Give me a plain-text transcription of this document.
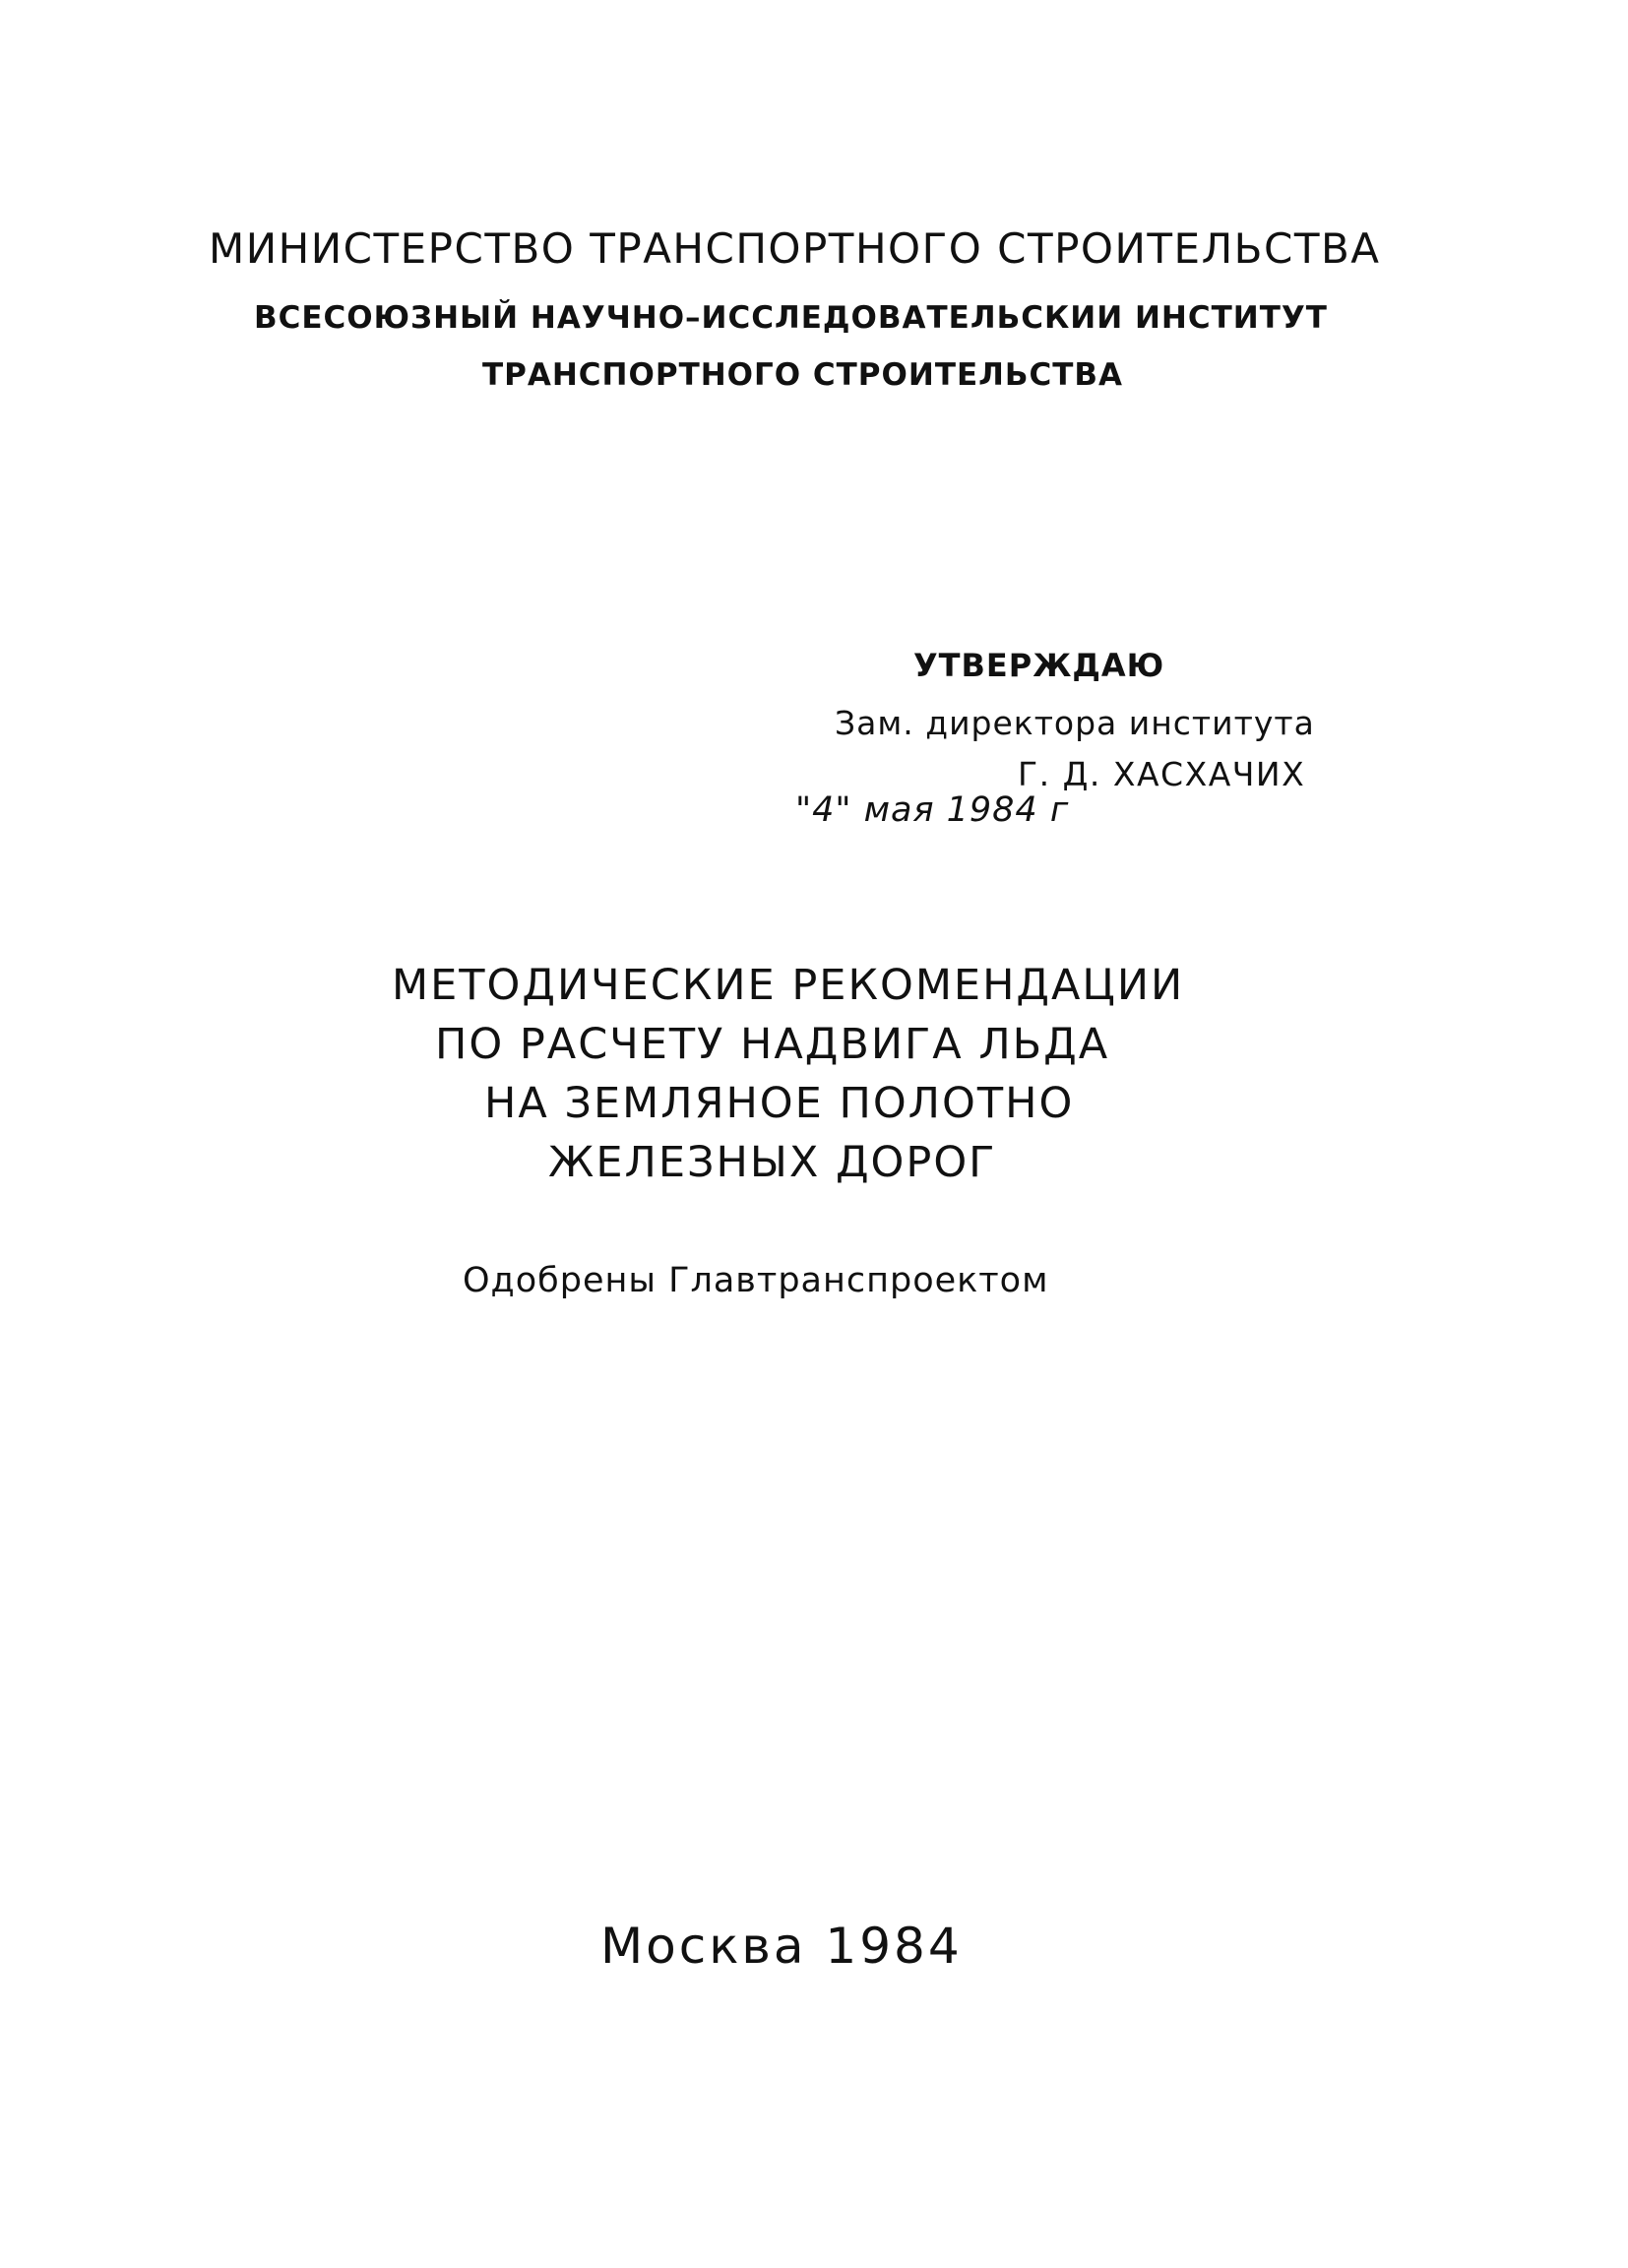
МИНИСТЕРСТВО ТРАНСПОРТНОГО СТРОИТЕЛЬСТВА
ВСЕСОЮЗНЫЙ НАУЧНО–ИССЛЕДОВАТЕЛЬСКИИ ИНСТИТУТ
ТРАНСПОРТНОГО СТРОИТЕЛЬСТВА
УТВЕРЖДАЮ
Зам. директора института
Г. Д. ХАСХАЧИХ
"4" мая 1984 г
МЕТОДИЧЕСКИЕ РЕКОМЕНДАЦИИ
ПО РАСЧЕТУ НАДВИГА ЛЬДА
НА ЗЕМЛЯНОЕ ПОЛОТНО
ЖЕЛЕЗНЫХ ДОРОГ
Одобрены Главтранспроектом
Москва 1984
